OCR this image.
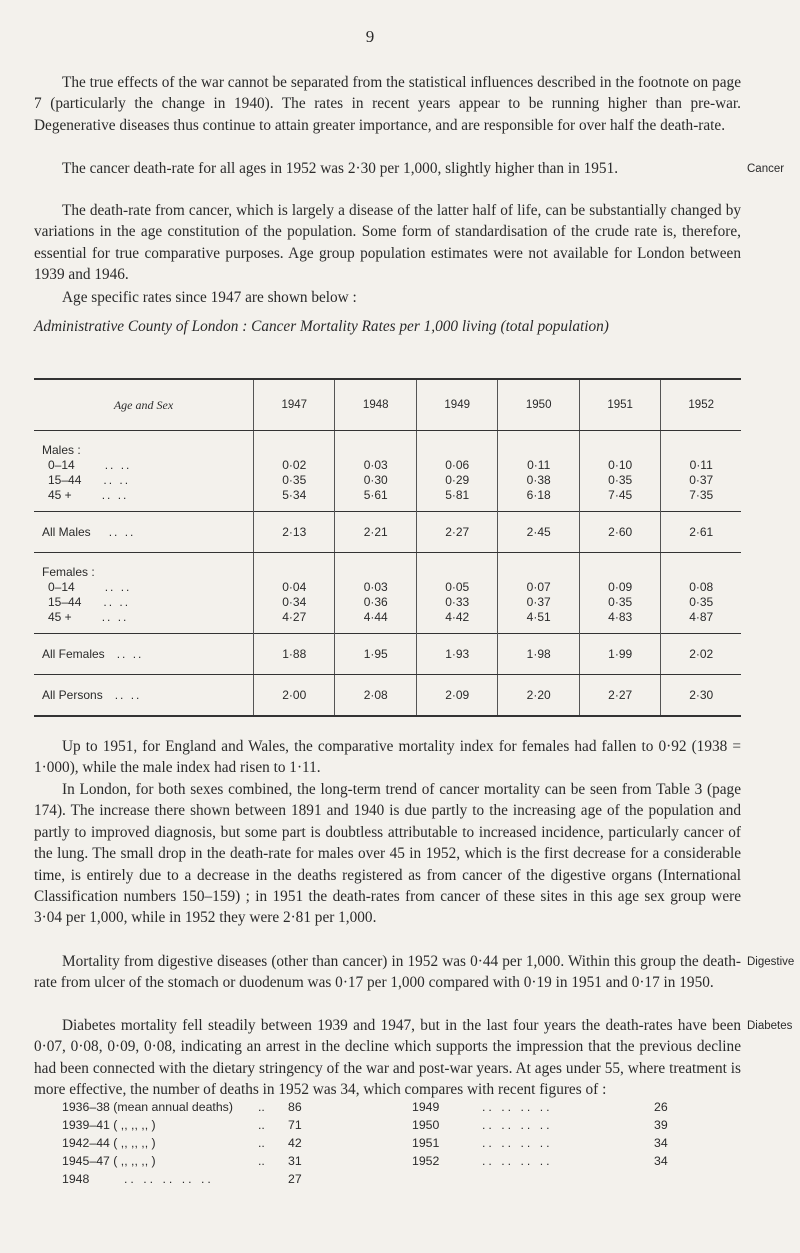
9

The true effects of the war cannot be separated from the statistical influences described in the footnote on page 7 (particularly the change in 1940). The rates in recent years appear to be running higher than pre-war. Degenerative diseases thus continue to attain greater importance, and are responsible for over half the death-rate.

The cancer death-rate for all ages in 1952 was 2·30 per 1,000, slightly higher than in 1951.	Cancer

The death-rate from cancer, which is largely a disease of the latter half of life, can be substantially changed by variations in the age constitution of the population. Some form of standardisation of the crude rate is, therefore, essential for true comparative purposes. Age group population estimates were not available for London between 1939 and 1946.

Age specific rates since 1947 are shown below :

Administrative County of London : Cancer Mortality Rates per 1,000 living (total population)
Age and Sex	1947	1948	1949	1950	1951	1952
Males :						
0–14 .. ..	0·02	0·03	0·06	0·11	0·10	0·11
15–44 .. ..	0·35	0·30	0·29	0·38	0·35	0·37
45 + .. ..	5·34	5·61	5·81	6·18	7·45	7·35

All Males .. ..	2·13	2·21	2·27	2·45	2·60	2·61
Females :						
0–14 .. ..	0·04	0·03	0·05	0·07	0·09	0·08
15–44 .. ..	0·34	0·36	0·33	0·37	0·35	0·35
45 + .. ..	4·27	4·44	4·42	4·51	4·83	4·87

All Females .. ..	1·88	1·95	1·93	1·98	1·99	2·02
All Persons .. ..	2·00	2·08	2·09	2·20	2·27	2·30

Up to 1951, for England and Wales, the comparative mortality index for females had fallen to 0·92 (1938 = 1·000), while the male index had risen to 1·11.

In London, for both sexes combined, the long-term trend of cancer mortality can be seen from Table 3 (page 174). The increase there shown between 1891 and 1940 is due partly to the increasing age of the population and partly to improved diagnosis, but some part is doubtless attributable to increased incidence, particularly cancer of the lung. The small drop in the death-rate for males over 45 in 1952, which is the first decrease for a considerable time, is entirely due to a decrease in the deaths registered as from cancer of the digestive organs (International Classification numbers 150–159) ; in 1951 the death-rates from cancer of these sites in this age sex group were 3·04 per 1,000, while in 1952 they were 2·81 per 1,000.

Mortality from digestive diseases (other than cancer) in 1952 was 0·44 per 1,000. Within this group the death-rate from ulcer of the stomach or duodenum was 0·17 per 1,000 compared with 0·19 in 1951 and 0·17 in 1950.

Digestive

Diabetes mortality fell steadily between 1939 and 1947, but in the last four years the death-rates have been 0·07, 0·08, 0·09, 0·08, indicating an arrest in the decline which supports the impression that the previous decline had been connected with the dietary stringency of the war and post-war years. At ages under 55, where treatment is more effective, the number of deaths in 1952 was 34, which compares with recent figures of :

Diabetes
1936–38 (mean annual deaths) .. 86	1949	.. .. .. ..	26
1939–41 ( ,, ,, ,, )	.. 71	1950	.. .. .. ..	39
1942–44 ( ,, ,, ,, )	.. 42	1951	.. .. .. ..	34
1945–47 ( ,, ,, ,, )	.. 31	1952	.. .. .. ..	34
1948	.. .. .. .. ..	27
